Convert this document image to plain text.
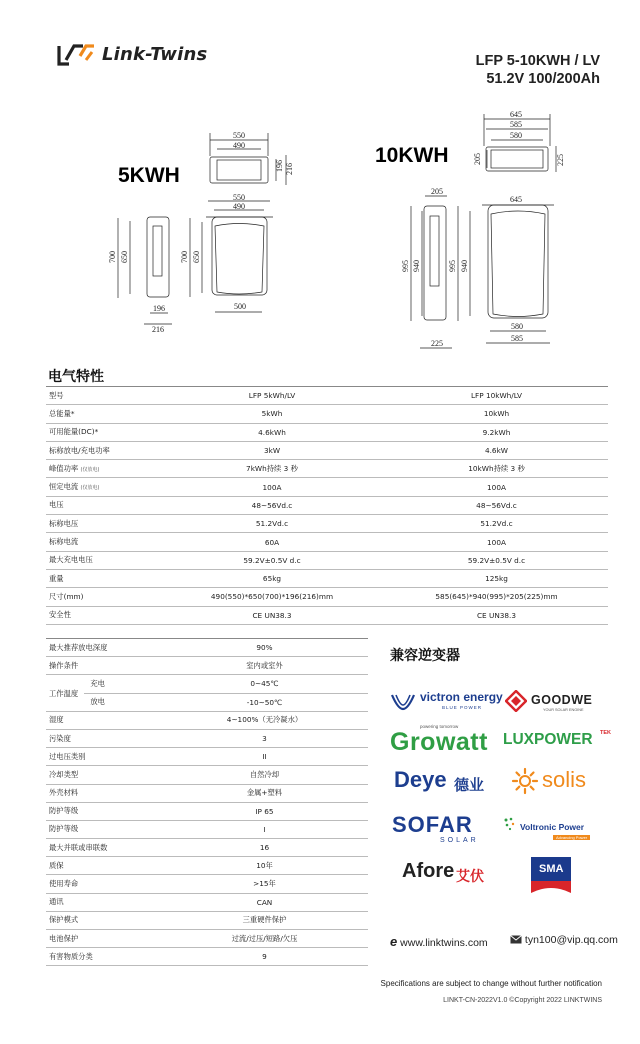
Link-Twins	LFP 5-10KWH / LV
51.2V 100/200Ah
5KWH
10KWH
550
490
196 216
550
490
700 650	700 650
196
216
500
645
585
580
205	225
205
645
995 940	995 940
580
585
225
电气特性
型号	LFP 5kWh/LV	LFP 10kWh/LV
总能量*	5kWh	10kWh
可用能量(DC)*	4.6kWh	9.2kWh
标称放电/充电功率	3kW	4.6kW
峰值功率 (仅放电)	7kWh持续 3 秒	10kWh持续 3 秒
恒定电流 (仅放电)	100A	100A
电压	48~56Vd.c	48~56Vd.c
标称电压	51.2Vd.c	51.2Vd.c
标称电流	60A	100A
最大充电电压	59.2V±0.5V d.c	59.2V±0.5V d.c
重量	65kg	125kg
尺寸(mm)	490(550)*650(700)*196(216)mm	585(645)*940(995)*205(225)mm
安全性	CE UN38.3	CE UN38.3
最大推荐放电深度		90%
操作条件		室内或室外
工作温度	充电	0~45℃
	放电	-10~50℃
湿度		4~100%（无冷凝水）
污染度		3
过电压类别		II
冷却类型		自然冷却
外壳材料		金属+塑料
防护等级		IP 65
防护等级		I
最大并联或串联数		16
质保		10年
使用寿命		>15年
通讯		CAN
保护模式		三重硬件保护
电池保护		过流/过压/短路/欠压
有害物质分类		9
兼容逆变器
victron energy
BLUE POWER
GOODWE
YOUR SOLAR ENGINE
powering tomorrow
Growatt LUXPOWER TEK
Deye 德业	solis
SOFAR
SOLAR
Voltronic Power
Advancing Power
Afore 艾伏	SMA
e www.linktwins.com	tyn100@vip.qq.com
Specifications are subject to change without further notification
LINKT-CN-2022V1.0 ©Copyright 2022 LINKTWINS
